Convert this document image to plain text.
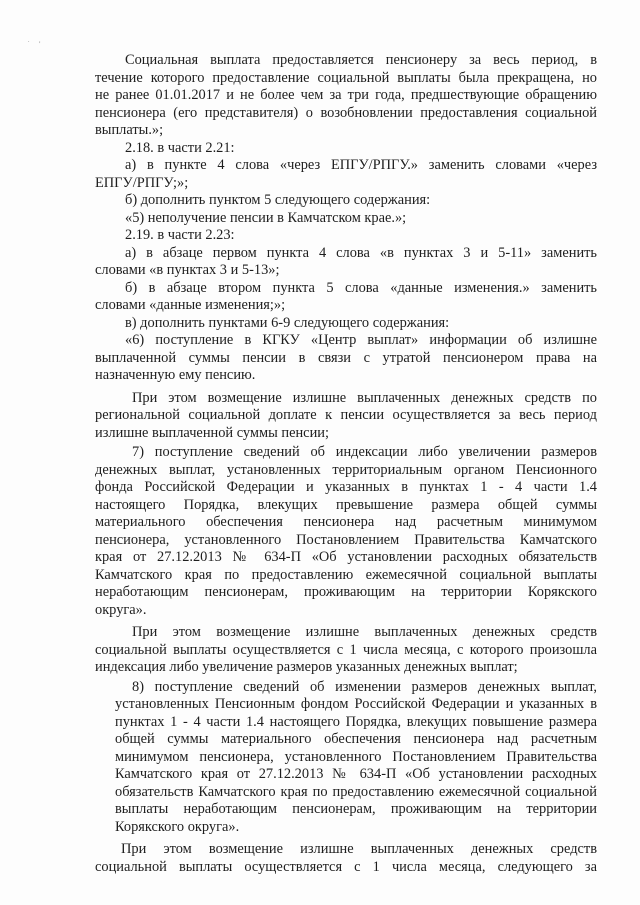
. ,

Социальная выплата предоставляется пенсионеру за весь период, в

течение которого предоставление социальной выплаты была прекращена, но

не ранее 01.01.2017 и не более чем за три года, предшествующие обращению

пенсионера (его представителя) о возобновлении предоставления социальной

выплаты.»;

2.18. в части 2.21:

а) в пункте 4 слова «через ЕПГУ/РПГУ.» заменить словами «через

ЕПГУ/РПГУ;»;

б) дополнить пунктом 5 следующего содержания:

«5) неполучение пенсии в Камчатском крае.»;

2.19. в части 2.23:

а) в абзаце первом пункта 4 слова «в пунктах 3 и 5-11» заменить

словами «в пунктах 3 и 5-13»;

б) в абзаце втором пункта 5 слова «данные изменения.» заменить

словами «данные изменения;»;

в) дополнить пунктами 6-9 следующего содержания:

«6) поступление в КГКУ «Центр выплат» информации об излишне

выплаченной суммы пенсии в связи с утратой пенсионером права на

назначенную ему пенсию.

При этом возмещение излишне выплаченных денежных средств по

региональной социальной доплате к пенсии осуществляется за весь период

излишне выплаченной суммы пенсии;

7) поступление сведений об индексации либо увеличении размеров

денежных выплат, установленных территориальным органом Пенсионного

фонда Российской Федерации и указанных в пунктах 1 - 4 части 1.4

настоящего Порядка, влекущих превышение размера общей суммы

материального обеспечения пенсионера над расчетным минимумом

пенсионера, установленного Постановлением Правительства Камчатского

края от 27.12.2013 № 634-П «Об установлении расходных обязательств

Камчатского края по предоставлению ежемесячной социальной выплаты

неработающим пенсионерам, проживающим на территории Корякского

округа».

При этом возмещение излишне выплаченных денежных средств

социальной выплаты осуществляется с 1 числа месяца, с которого произошла

индексация либо увеличение размеров указанных денежных выплат;

8) поступление сведений об изменении размеров денежных выплат,

установленных Пенсионным фондом Российской Федерации и указанных в

пунктах 1 - 4 части 1.4 настоящего Порядка, влекущих повышение размера

общей суммы материального обеспечения пенсионера над расчетным

минимумом пенсионера, установленного Постановлением Правительства

Камчатского края от 27.12.2013 № 634-П «Об установлении расходных

обязательств Камчатского края по предоставлению ежемесячной социальной

выплаты неработающим пенсионерам, проживающим на территории

Корякского округа».

При этом возмещение излишне выплаченных денежных средств

социальной выплаты осуществляется с 1 числа месяца, следующего за
